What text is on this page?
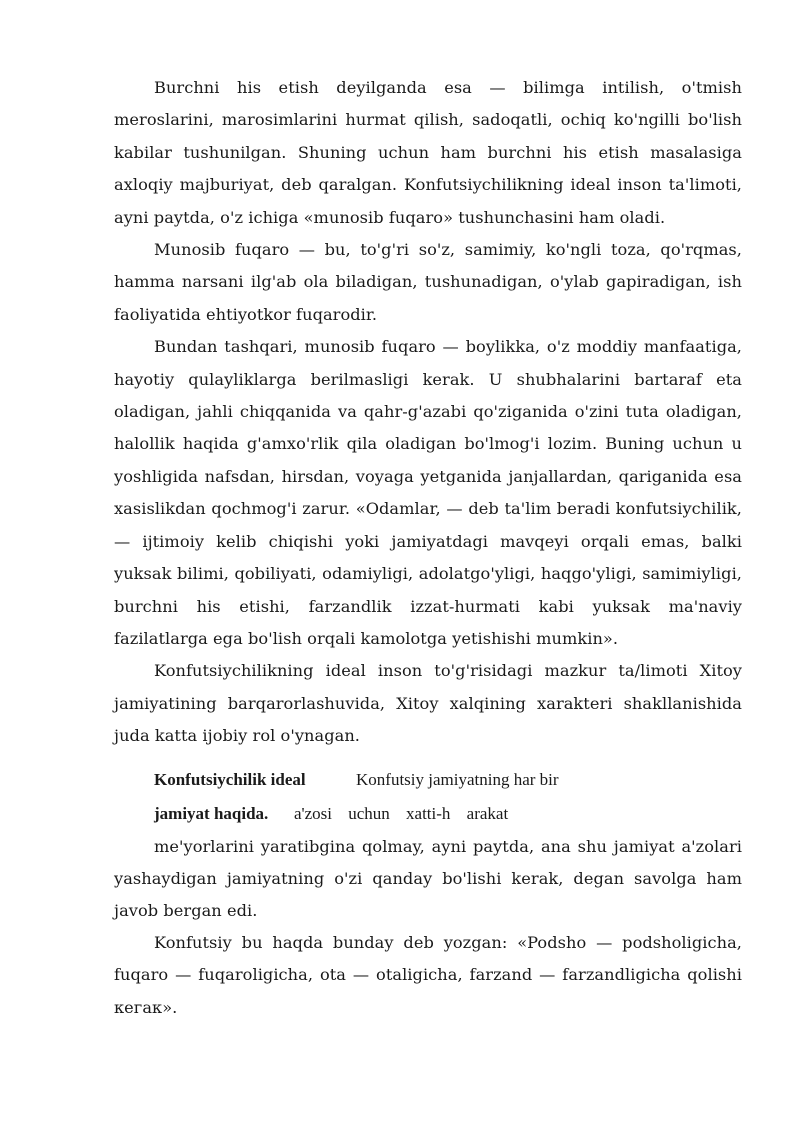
Burchni his etish deyilganda esa — bilimga intilish, o'tmish meroslarini, marosimlarini hurmat qilish, sadoqatli, ochiq ko'ngilli bo'lish kabilar tushunilgan. Shuning uchun ham burchni his etish masalasiga axloqiy majburiyat, deb qaralgan. Konfutsiychilikning ideal inson ta'limoti, ayni paytda, o'z ichiga «munosib fuqaro» tushunchasini ham oladi.

Munosib fuqaro — bu, to'g'ri so'z, samimiy, ko'ngli toza, qo'rqmas, hamma narsani ilg'ab ola biladigan, tushunadigan, o'ylab gapiradigan, ish faoliyatida ehtiyotkor fuqarodir.

Bundan tashqari, munosib fuqaro — boylikka, o'z moddiy manfaatiga, hayotiy qulayliklarga berilmasligi kerak. U shubhalarini bartaraf eta oladigan, jahli chiqqanida va qahr-g'azabi qo'ziganida o'zini tuta oladigan, halollik haqida g'amxo'rlik qila oladigan bo'lmog'i lozim. Buning uchun u yoshligida nafsdan, hirsdan, voyaga yetganida janjallardan, qariganida esa xasislikdan qochmog'i zarur. «Odamlar, — deb ta'lim beradi konfutsiychilik, — ijtimoiy kelib chiqishi yoki jamiyatdagi mavqeyi orqali emas, balki yuksak bilimi, qobiliyati, odamiyligi, adolatgo'yligi, haqgo'yligi, samimiyligi, burchni his etishi, farzandlik izzat-hurmati kabi yuksak ma'naviy fazilatlarga ega bo'lish orqali kamolotga yetishishi mumkin».

Konfutsiychilikning ideal inson to'g'risidagi mazkur ta/limoti Xitoy jamiyatining barqarorlashuvida, Xitoy xalqining xarakteri shakllanishida juda katta ijobiy rol o'ynagan.

Konfutsiychilik ideal	Konfutsiy jamiyatning har bir
jamiyat haqida. a'zosi uchun xatti-h arakat

me'yorlarini yaratibgina qolmay, ayni paytda, ana shu jamiyat a'zolari yashaydigan jamiyatning o'zi qanday bo'lishi kerak, degan savolga ham javob bergan edi.

Konfutsiy bu haqda bunday deb yozgan: «Podsho — podsholigicha, fuqaro — fuqaroligicha, ota — otaligicha, farzand — farzandligicha qolishi кегак».
